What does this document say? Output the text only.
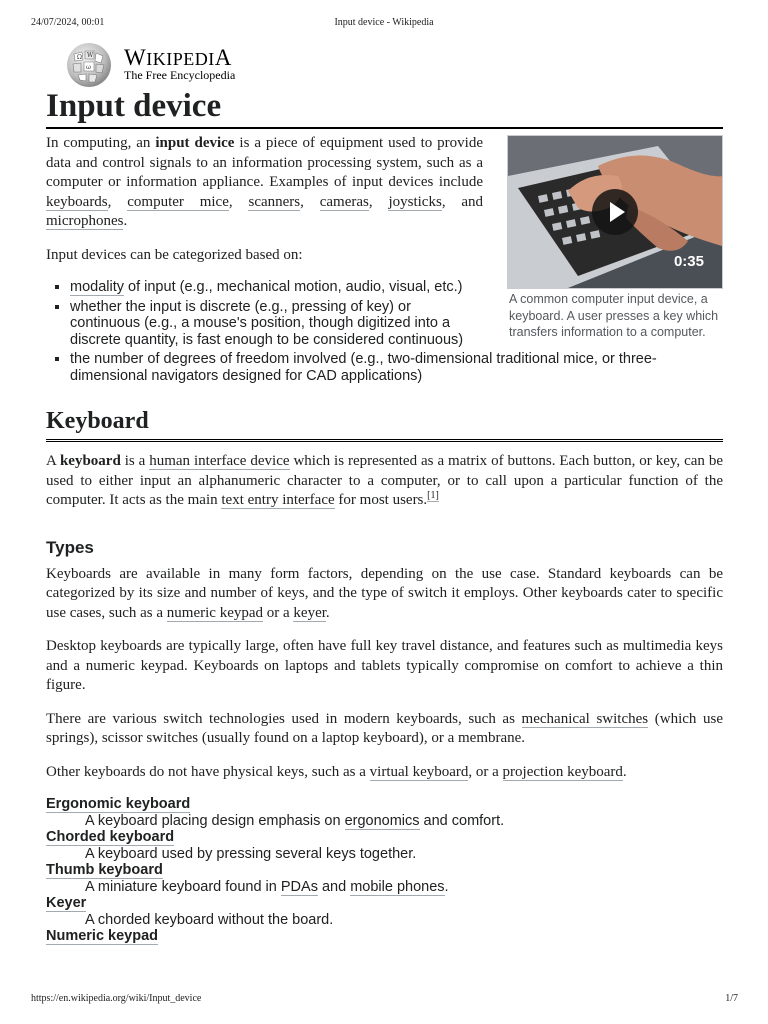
24/07/2024, 00:01	Input device - Wikipedia
Ω W
ω WIKIPEDIA
The Free Encyclopedia
Input device
0:35
A common computer input device, a keyboard. A user presses a key which transfers information to a computer.

In computing, an input device is a piece of equipment used to provide data and control signals to an information processing system, such as a computer or information appliance. Examples of input devices include keyboards, computer mice, scanners, cameras, joysticks, and microphones.

Input devices can be categorized based on:

▪ modality of input (e.g., mechanical motion, audio, visual, etc.)
▪ whether the input is discrete (e.g., pressing of key) or continuous (e.g., a mouse's position, though digitized into a discrete quantity, is fast enough to be considered continuous)
▪ the number of degrees of freedom involved (e.g., two-dimensional traditional mice, or three-dimensional navigators designed for CAD applications)
Keyboard

A keyboard is a human interface device which is represented as a matrix of buttons. Each button, or key, can be used to either input an alphanumeric character to a computer, or to call upon a particular function of the computer. It acts as the main text entry interface for most users.[1]

Types

Keyboards are available in many form factors, depending on the use case. Standard keyboards can be categorized by its size and number of keys, and the type of switch it employs. Other keyboards cater to specific use cases, such as a numeric keypad or a keyer.

Desktop keyboards are typically large, often have full key travel distance, and features such as multimedia keys and a numeric keypad. Keyboards on laptops and tablets typically compromise on comfort to achieve a thin figure.

There are various switch technologies used in modern keyboards, such as mechanical switches (which use springs), scissor switches (usually found on a laptop keyboard), or a membrane.

Other keyboards do not have physical keys, such as a virtual keyboard, or a projection keyboard.

Ergonomic keyboard
A keyboard placing design emphasis on ergonomics and comfort.
Chorded keyboard
A keyboard used by pressing several keys together.
Thumb keyboard
A miniature keyboard found in PDAs and mobile phones.
Keyer
A chorded keyboard without the board.
Numeric keypad
https://en.wikipedia.org/wiki/Input_device	1/7
